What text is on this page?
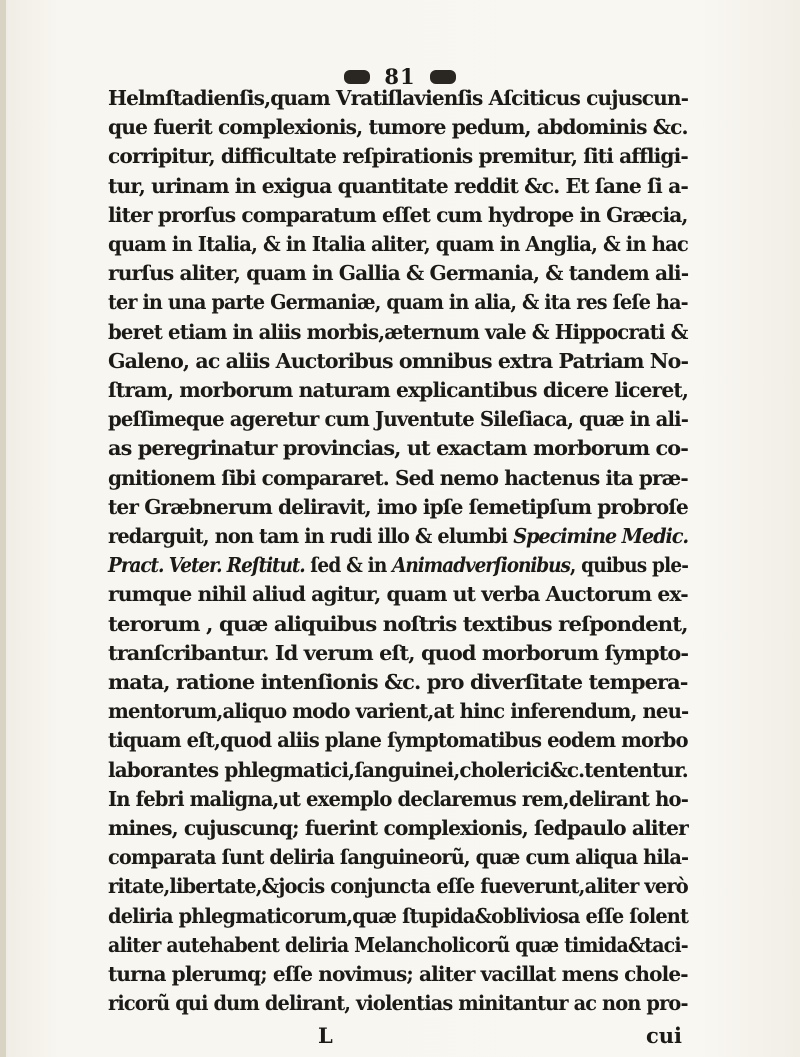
81
Helmſtadienſis,quam Vratiſlavienſis Aſciticus cujuscun-
que fuerit complexionis, tumore pedum, abdominis &c.
corripitur, difficultate reſpirationis premitur, ſiti affligi-
tur, urinam in exigua quantitate reddit &c. Et ſane ſi a-
liter prorſus comparatum eſſet cum hydrope in Græcia,
quam in Italia, & in Italia aliter, quam in Anglia, & in hac
rurſus aliter, quam in Gallia & Germania, & tandem ali-
ter in una parte Germaniæ, quam in alia, & ita res ſeſe ha-
beret etiam in aliis morbis,æternum vale & Hippocrati &
Galeno, ac aliis Auctoribus omnibus extra Patriam No-
ſtram, morborum naturam explicantibus dicere liceret,
peſſimeque ageretur cum Juventute Sileſiaca, quæ in ali-
as peregrinatur provincias, ut exactam morborum co-
gnitionem ſibi compararet. Sed nemo hactenus ita præ-
ter Græbnerum deliravit, imo ipſe ſemetipſum probroſe
redarguit, non tam in rudi illo & elumbi Specimine Medic.
Pract. Veter. Reſtitut. ſed & in Animadverſionibus, quibus ple-
rumque nihil aliud agitur, quam ut verba Auctorum ex-
terorum , quæ aliquibus noſtris textibus reſpondent,
tranſcribantur. Id verum eſt, quod morborum ſympto-
mata, ratione intenſionis &c. pro diverſitate tempera-
mentorum,aliquo modo varient,at hinc inferendum, neu-
tiquam eſt,quod aliis plane ſymptomatibus eodem morbo
laborantes phlegmatici,ſanguinei,cholerici&c.tententur.
In febri maligna,ut exemplo declaremus rem,delirant ho-
mines, cujuscunq; fuerint complexionis, ſedpaulo aliter
comparata ſunt deliria ſanguineorũ, quæ cum aliqua hila-
ritate,libertate,&jocis conjuncta eſſe fueverunt,aliter verò
deliria phlegmaticorum,quæ ſtupida&obliviosa eſſe ſolent
aliter autehabent deliria Melancholicorũ quæ timida&taci-
turna plerumq; eſſe novimus; aliter vacillat mens chole-
ricorũ qui dum delirant, violentias minitantur ac non pro-
L	cui
